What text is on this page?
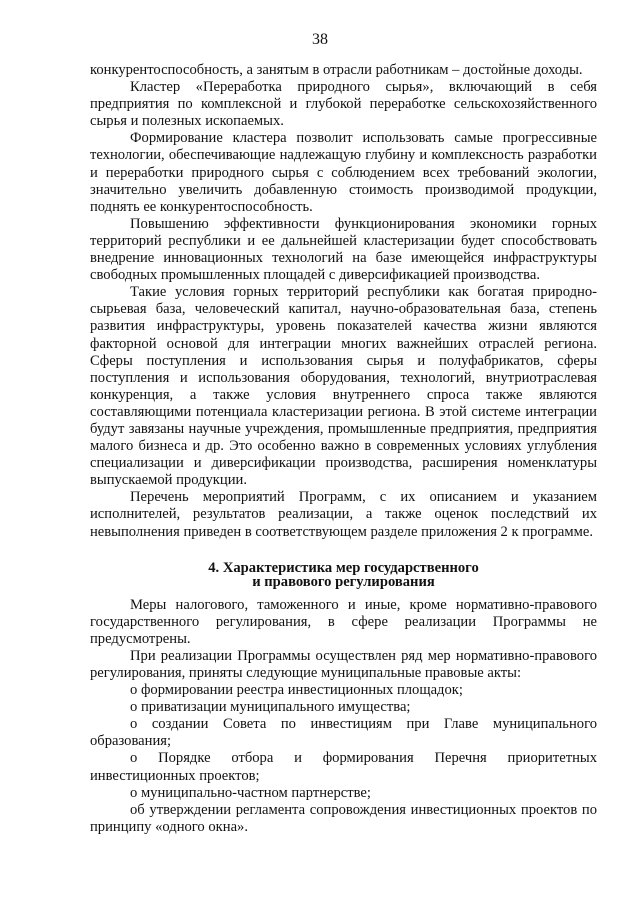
38

конкурентоспособность, а занятым в отрасли работникам – достойные доходы.

Кластер «Переработка природного сырья», включающий в себя предприятия по комплексной и глубокой переработке сельскохозяйственного сырья и полезных ископаемых.

Формирование кластера позволит использовать самые прогрессивные технологии, обеспечивающие надлежащую глубину и комплексность разработки и переработки природного сырья с соблюдением всех требований экологии, значительно увеличить добавленную стоимость производимой продукции, поднять ее конкурентоспособность.

Повышению эффективности функционирования экономики горных территорий республики и ее дальнейшей кластеризации будет способствовать внедрение инновационных технологий на базе имеющейся инфраструктуры свободных промышленных площадей с диверсификацией производства.

Такие условия горных территорий республики как богатая природно-сырьевая база, человеческий капитал, научно-образовательная база, степень развития инфраструктуры, уровень показателей качества жизни являются факторной основой для интеграции многих важнейших отраслей региона. Сферы поступления и использования сырья и полуфабрикатов, сферы поступления и использования оборудования, технологий, внутриотраслевая конкуренция, а также условия внутреннего спроса также являются составляющими потенциала кластеризации региона. В этой системе интеграции будут завязаны научные учреждения, промышленные предприятия, предприятия малого бизнеса и др. Это особенно важно в современных условиях углубления специализации и диверсификации производства, расширения номенклатуры выпускаемой продукции.

Перечень мероприятий Программ, с их описанием и указанием исполнителей, результатов реализации, а также оценок последствий их невыполнения приведен в соответствующем разделе приложения 2 к программе.

4. Характеристика мер государственного
и правового регулирования

Меры налогового, таможенного и иные, кроме нормативно-правового государственного регулирования, в сфере реализации Программы не предусмотрены.

При реализации Программы осуществлен ряд мер нормативно-правового регулирования, приняты следующие муниципальные правовые акты:

о формировании реестра инвестиционных площадок;

о приватизации муниципального имущества;

о создании Совета по инвестициям при Главе муниципального образования;

о Порядке отбора и формирования Перечня приоритетных инвестиционных проектов;

о муниципально-частном партнерстве;

об утверждении регламента сопровождения инвестиционных проектов по принципу «одного окна».
